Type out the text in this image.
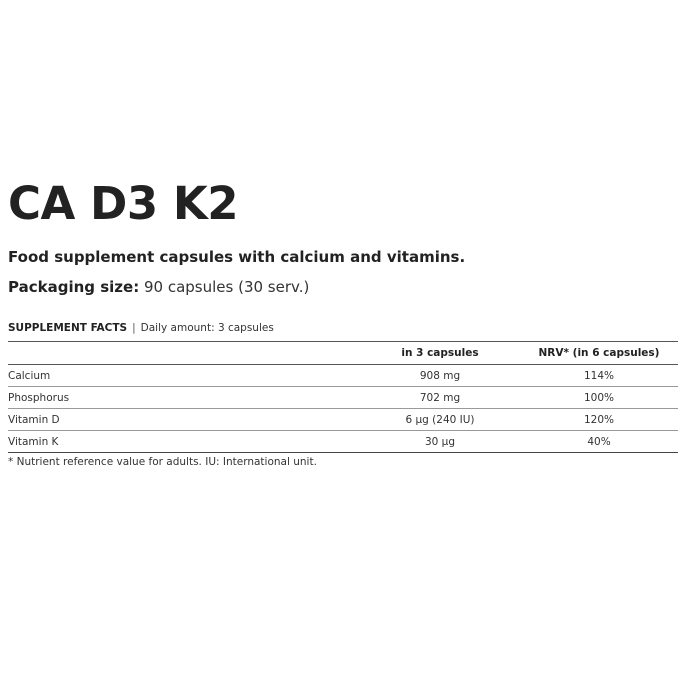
CA D3 K2
Food supplement capsules with calcium and vitamins.
Packaging size: 90 capsules (30 serv.)
SUPPLEMENT FACTS | Daily amount: 3 capsules
	in 3 capsules	NRV* (in 6 capsules)
Calcium	908 mg	114%
Phosphorus	702 mg	100%
Vitamin D	6 µg (240 IU)	120%
Vitamin K	30 µg	40%
* Nutrient reference value for adults. IU: International unit.
